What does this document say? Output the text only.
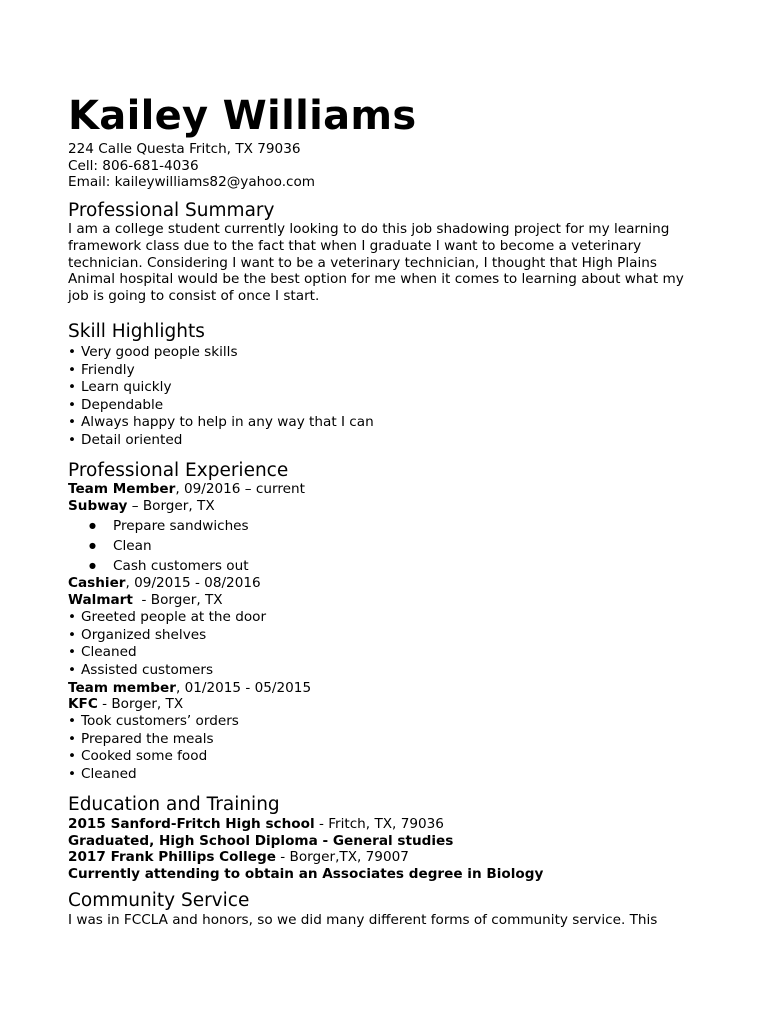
Kailey Williams
224 Calle Questa Fritch, TX 79036
Cell: 806-681-4036
Email: kaileywilliams82@yahoo.com
Professional Summary

I am a college student currently looking to do this job shadowing project for my learning framework class due to the fact that when I graduate I want to become a veterinary technician. Considering I want to be a veterinary technician, I thought that High Plains Animal hospital would be the best option for me when it comes to learning about what my job is going to consist of once I start.

Skill Highlights
• Very good people skills
• Friendly
• Learn quickly
• Dependable
• Always happy to help in any way that I can
• Detail oriented
Professional Experience
Team Member, 09/2016 – current
Subway – Borger, TX
● Prepare sandwiches
● Clean
● Cash customers out
Cashier, 09/2015 - 08/2016
Walmart  - Borger, TX
• Greeted people at the door
• Organized shelves
• Cleaned
• Assisted customers
Team member, 01/2015 - 05/2015
KFC - Borger, TX
• Took customers’ orders
• Prepared the meals
• Cooked some food
• Cleaned
Education and Training
2015 Sanford-Fritch High school - Fritch, TX, 79036
Graduated, High School Diploma - General studies
2017 Frank Phillips College - Borger,TX, 79007
Currently attending to obtain an Associates degree in Biology
Community Service
I was in FCCLA and honors, so we did many different forms of community service. This
